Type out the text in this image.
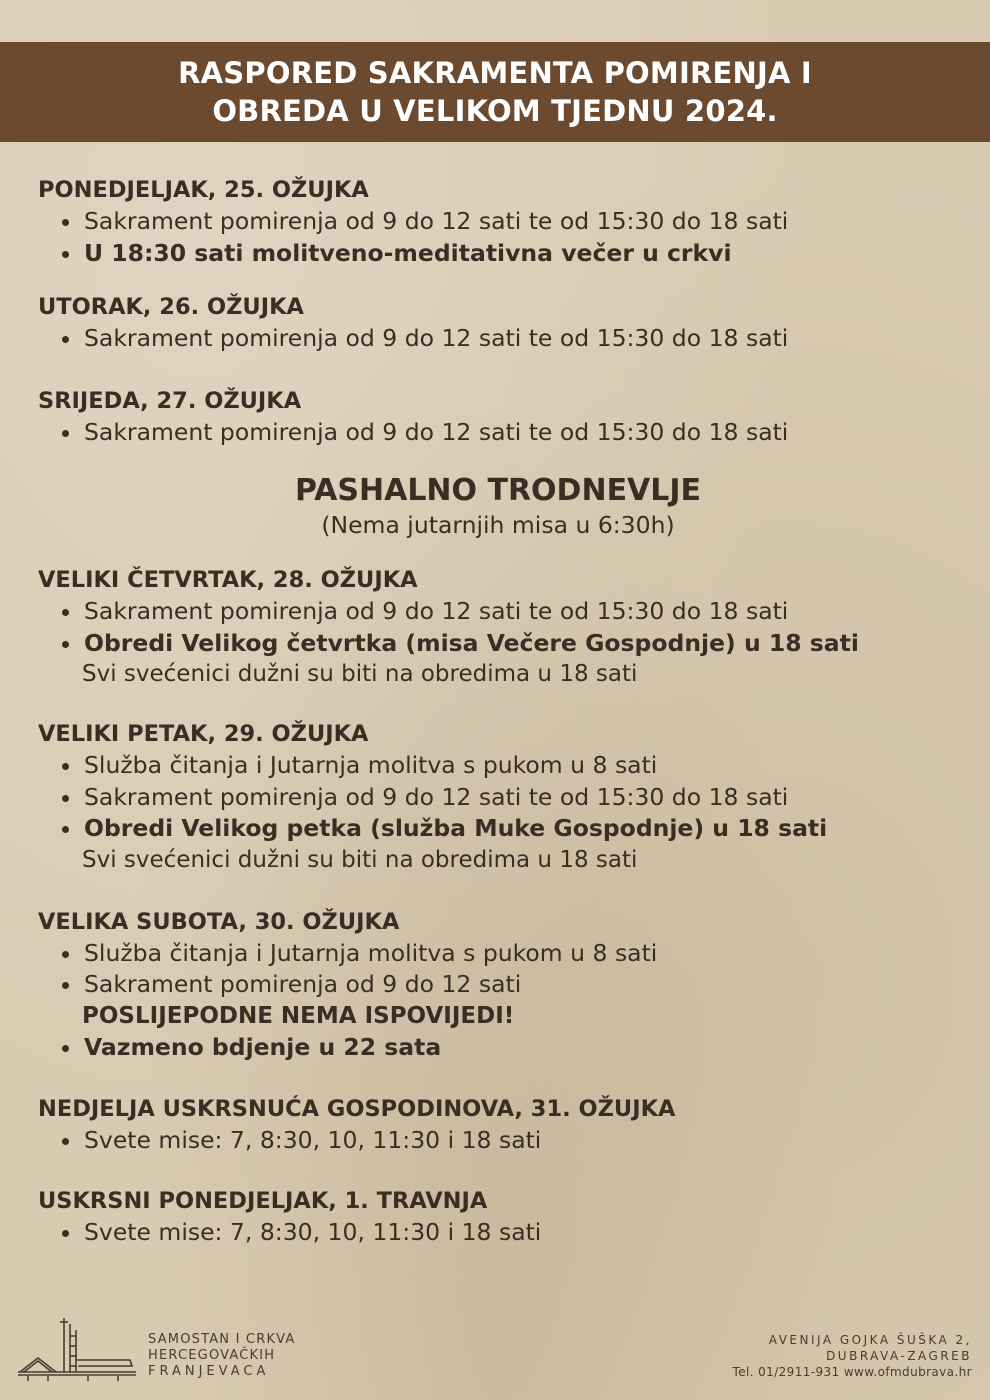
RASPORED SAKRAMENTA POMIRENJA I
OBREDA U VELIKOM TJEDNU 2024.
PONEDJELJAK, 25. OŽUJKA
Sakrament pomirenja od 9 do 12 sati te od 15:30 do 18 sati
U 18:30 sati molitveno-meditativna večer u crkvi
UTORAK, 26. OŽUJKA
Sakrament pomirenja od 9 do 12 sati te od 15:30 do 18 sati
SRIJEDA, 27. OŽUJKA
Sakrament pomirenja od 9 do 12 sati te od 15:30 do 18 sati
PASHALNO TRODNEVLJE
(Nema jutarnjih misa u 6:30h)
VELIKI ČETVRTAK, 28. OŽUJKA
Sakrament pomirenja od 9 do 12 sati te od 15:30 do 18 sati
Obredi Velikog četvrtka (misa Večere Gospodnje) u 18 sati
Svi svećenici dužni su biti na obredima u 18 sati
VELIKI PETAK, 29. OŽUJKA
Služba čitanja i Jutarnja molitva s pukom u 8 sati
Sakrament pomirenja od 9 do 12 sati te od 15:30 do 18 sati
Obredi Velikog petka (služba Muke Gospodnje) u 18 sati
Svi svećenici dužni su biti na obredima u 18 sati
VELIKA SUBOTA, 30. OŽUJKA
Služba čitanja i Jutarnja molitva s pukom u 8 sati
Sakrament pomirenja od 9 do 12 sati
POSLIJEPODNE NEMA ISPOVIJEDI!
Vazmeno bdjenje u 22 sata
NEDJELJA USKRSNUĆA GOSPODINOVA, 31. OŽUJKA
Svete mise: 7, 8:30, 10, 11:30 i 18 sati
USKRSNI PONEDJELJAK, 1. TRAVNJA
Svete mise: 7, 8:30, 10, 11:30 i 18 sati
SAMOSTAN I CRKVA
HERCEGOVAČKIH
FRANJEVACA
AVENIJA GOJKA ŠUŠKA 2,
DUBRAVA-ZAGREB
Tel. 01/2911-931 www.ofmdubrava.hr
